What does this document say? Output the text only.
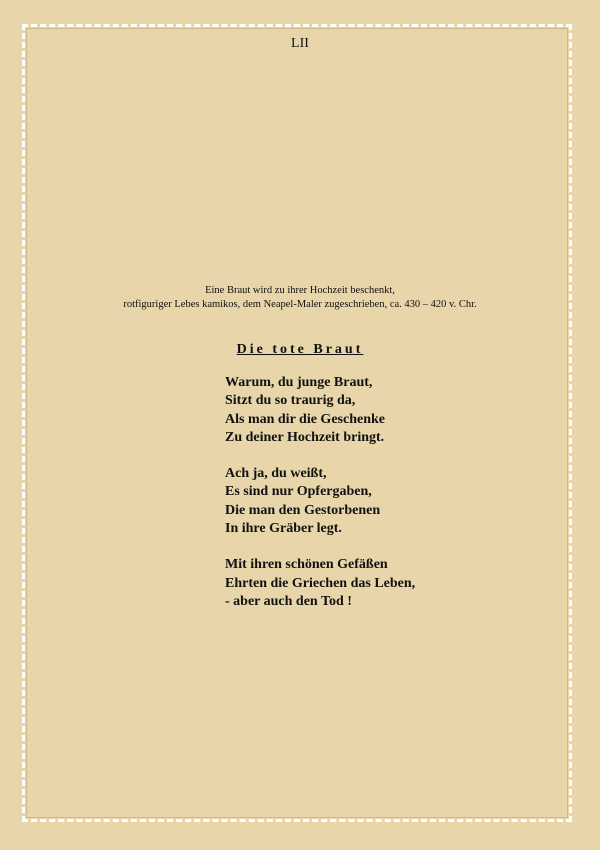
LII
Eine Braut wird zu ihrer Hochzeit beschenkt,
rotfiguriger Lebes kamikos, dem Neapel-Maler zugeschrieben, ca. 430 – 420 v. Chr.
Die tote Braut
Warum, du junge Braut,
Sitzt du so traurig da,
Als man dir die Geschenke
Zu deiner Hochzeit bringt.
Ach ja, du weißt,
Es sind nur Opfergaben,
Die man den Gestorbenen
In ihre Gräber legt.
Mit ihren schönen Gefäßen
Ehrten die Griechen das Leben,
- aber auch den Tod !
